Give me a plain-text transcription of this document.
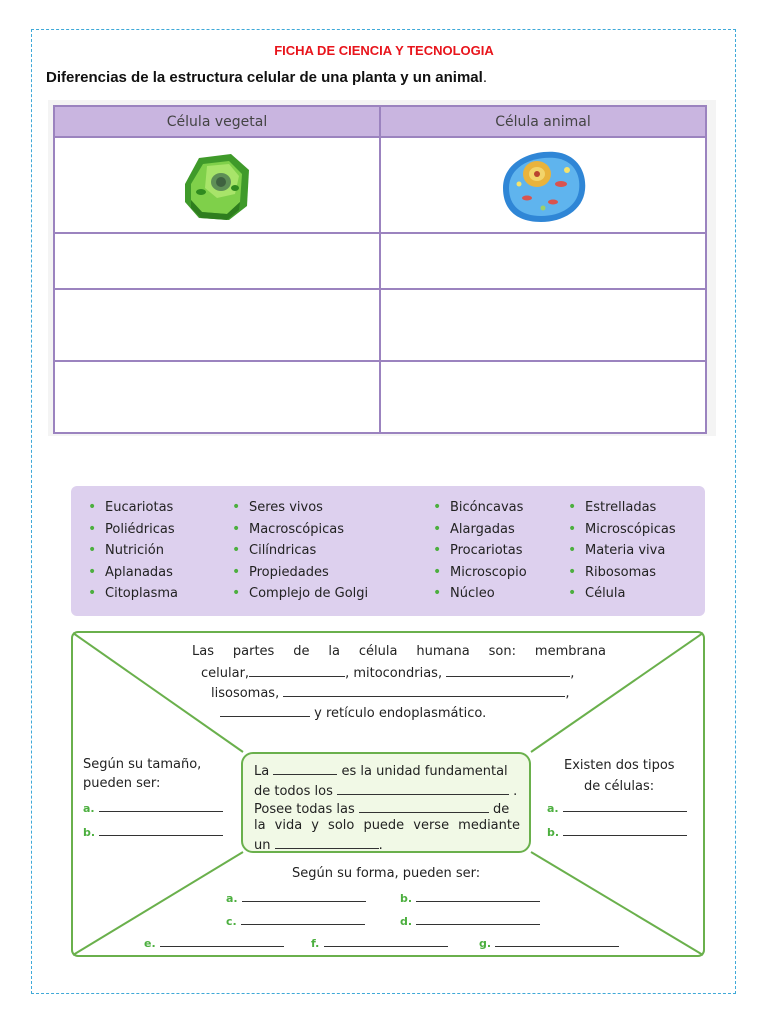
FICHA DE CIENCIA Y TECNOLOGIA
Diferencias de la estructura celular de una planta y un animal.
Célula vegetal	Célula animal

• Eucariotas
• Poliédricas
• Nutrición
• Aplanadas
• Citoplasma
• Seres vivos
• Macroscópicas
• Cilíndricas
• Propiedades
• Complejo de Golgi
• Bicóncavas
• Alargadas
• Procariotas
• Microscopio
• Núcleo
• Estrelladas
• Microscópicas
• Materia viva
• Ribosomas
• Célula
Las partes de la célula humana son: membrana
celular,	, mitocondrias,	,
lisosomas,	,
y retículo endoplasmático.
Según su tamaño,
pueden ser:
a.
b.
Existen dos tipos
de células:
a.
b.
La	es la unidad fundamental
de todos los	.
Posee todas las	de
la vida y solo puede verse mediante
un	.
Según su forma, pueden ser:
a.	b.
c.	d.
e.	f.	g.
